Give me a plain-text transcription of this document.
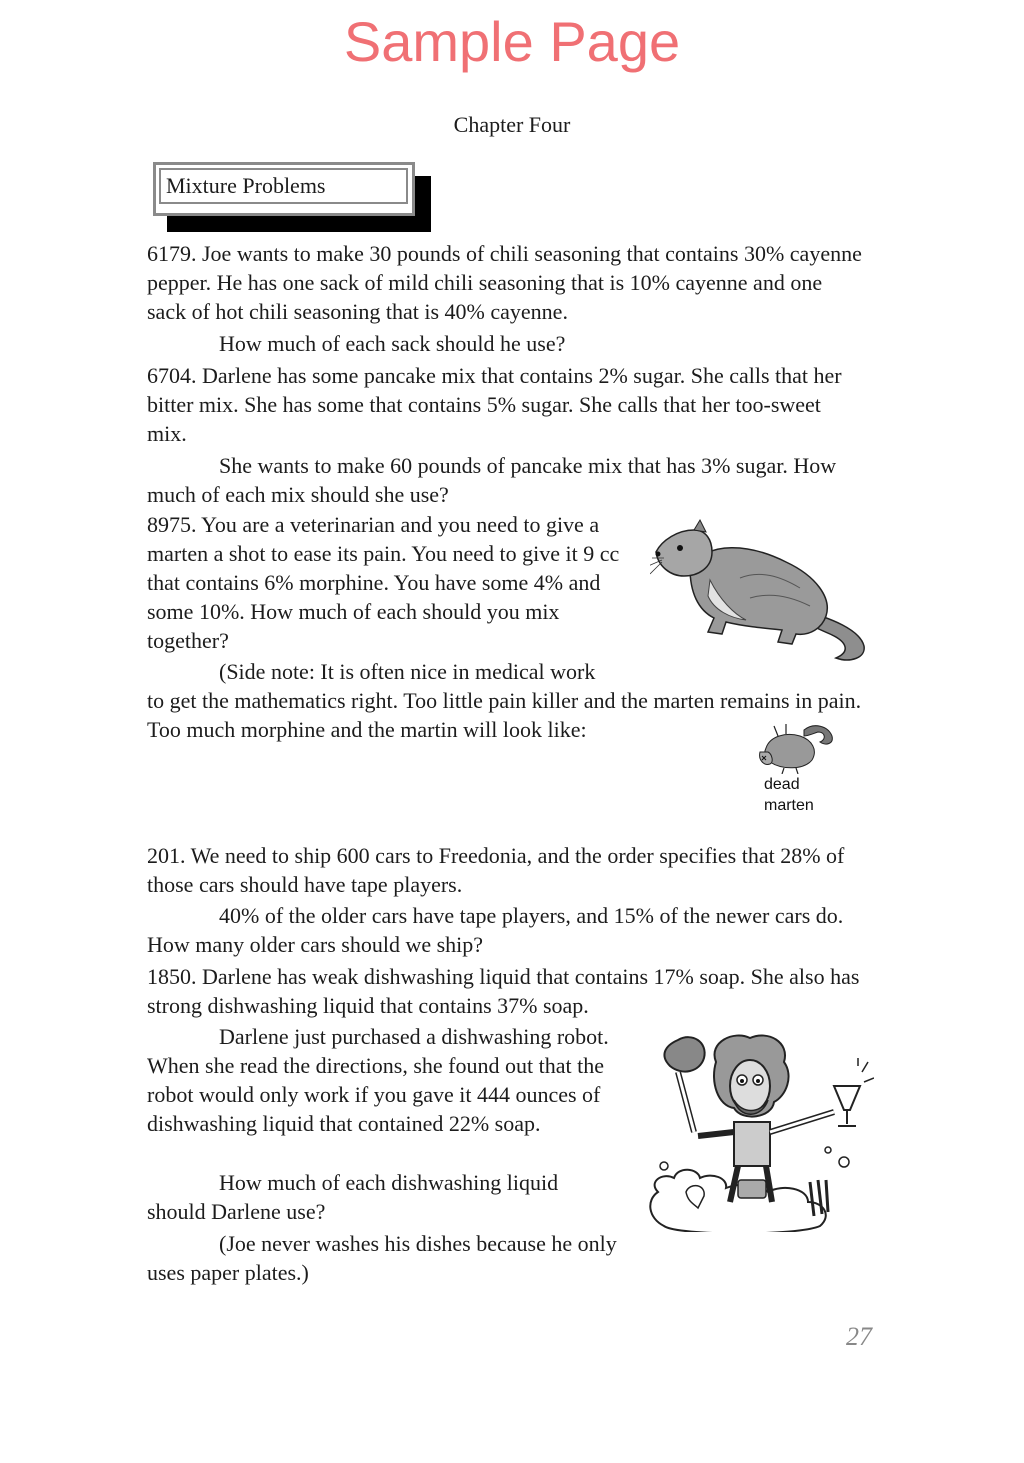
Sample Page
Chapter Four
Mixture Problems

6179. Joe wants to make 30 pounds of chili seasoning that contains 30% cayenne pepper. He has one sack of mild chili seasoning that is 10% cayenne and one sack of hot chili seasoning that is 40% cayenne.

How much of each sack should he use?

6704. Darlene has some pancake mix that contains 2% sugar. She calls that her bitter mix. She has some that contains 5% sugar. She calls that her too-sweet mix.

She wants to make 60 pounds of pancake mix that has 3% sugar. How much of each mix should she use?

8975. You are a veterinarian and you need to give a marten a shot to ease its pain. You need to give it 9 cc that contains 6% morphine. You have some 4% and some 10%. How much of each should you mix together?

(Side note: It is often nice in medical work

to get the mathematics right. Too little pain killer and the marten remains in pain. Too much morphine and the martin will look like:

201. We need to ship 600 cars to Freedonia, and the order specifies that 28% of those cars should have tape players.

40% of the older cars have tape players, and 15% of the newer cars do. How many older cars should we ship?

1850. Darlene has weak dishwashing liquid that contains 17% soap. She also has strong dishwashing liquid that contains 37% soap.

Darlene just purchased a dishwashing robot. When she read the directions, she found out that the robot would only work if you gave it 444 ounces of dishwashing liquid that contained 22% soap.

How much of each dishwashing liquid should Darlene use?

(Joe never washes his dishes because he only uses paper plates.)

dead
marten
27
